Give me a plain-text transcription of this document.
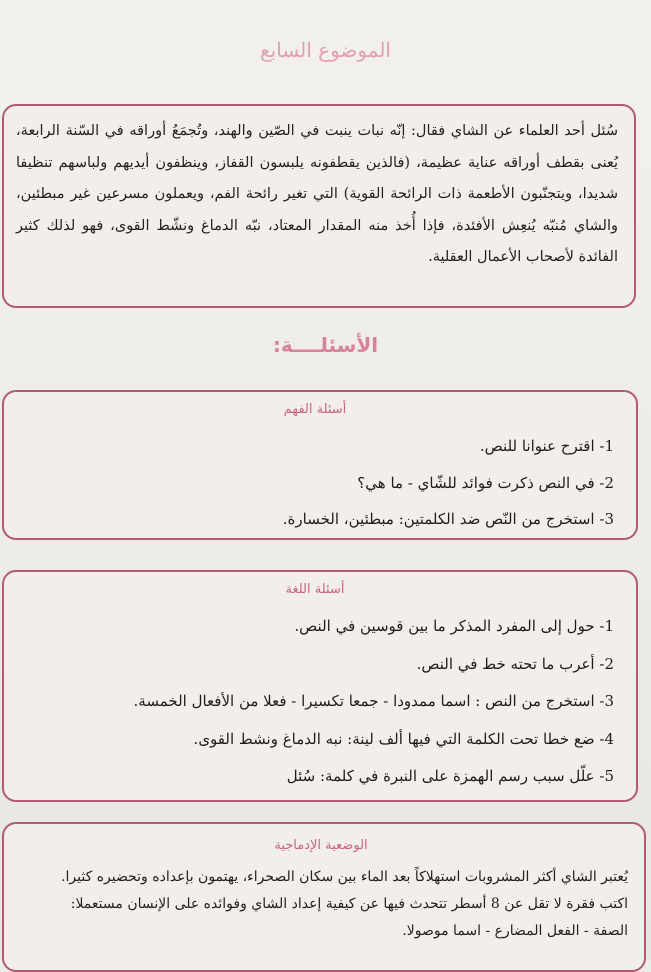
الموضوع السابع
سُئل أحد العلماء عن الشاي فقال: إنّه نبات ينبت في الصّين والهند، وتُجمَعُ أوراقه في السّنة الرابعة، يُعنى بقطف أوراقه عناية عظيمة، (فالذين يقطفونه يلبسون القفاز، وينظفون أيديهم ولباسهم تنظيفا شديدا، ويتجنّبون الأطعمة ذات الرائحة القوية) التي تغير رائحة الفم، ويعملون مسرعين غير مبطئين، والشاي مُنبّه يُنعِش الأفئدة، فإذا أُخذ منه المقدار المعتاد، نبّه الدماغ ونشّط القوى، فهو لذلك كثير الفائدة لأصحاب الأعمال العقلية.
الأسئلــــة:
أسئلة الفهم
1- اقترح عنوانا للنص.
2- في النص ذكرت فوائد للشّاي - ما هي؟
3- استخرج من النّص ضد الكلمتين: مبطئين، الخسارة.
أسئلة اللغة
1- حول إلى المفرد المذكر ما بين قوسين في النص.
2- أعرب ما تحته خط في النص.
3- استخرج من النص : اسما ممدودا - جمعا تكسيرا - فعلا من الأفعال الخمسة.
4- ضع خطا تحت الكلمة التي فيها ألف لينة: نبه الدماغ ونشط القوى.
5- علّل سبب رسم الهمزة على النبرة في كلمة: سُئل
الوضعية الإدماجية
يُعتبر الشاي أكثر المشروبات استهلاكاً بعد الماء بين سكان الصحراء، يهتمون بإعداده وتحضيره كثيرا.
اكتب فقرة لا تقل عن 8 أسطر تتحدث فيها عن كيفية إعداد الشاي وفوائده على الإنسان مستعملا:
الصفة - الفعل المضارع - اسما موصولا.
